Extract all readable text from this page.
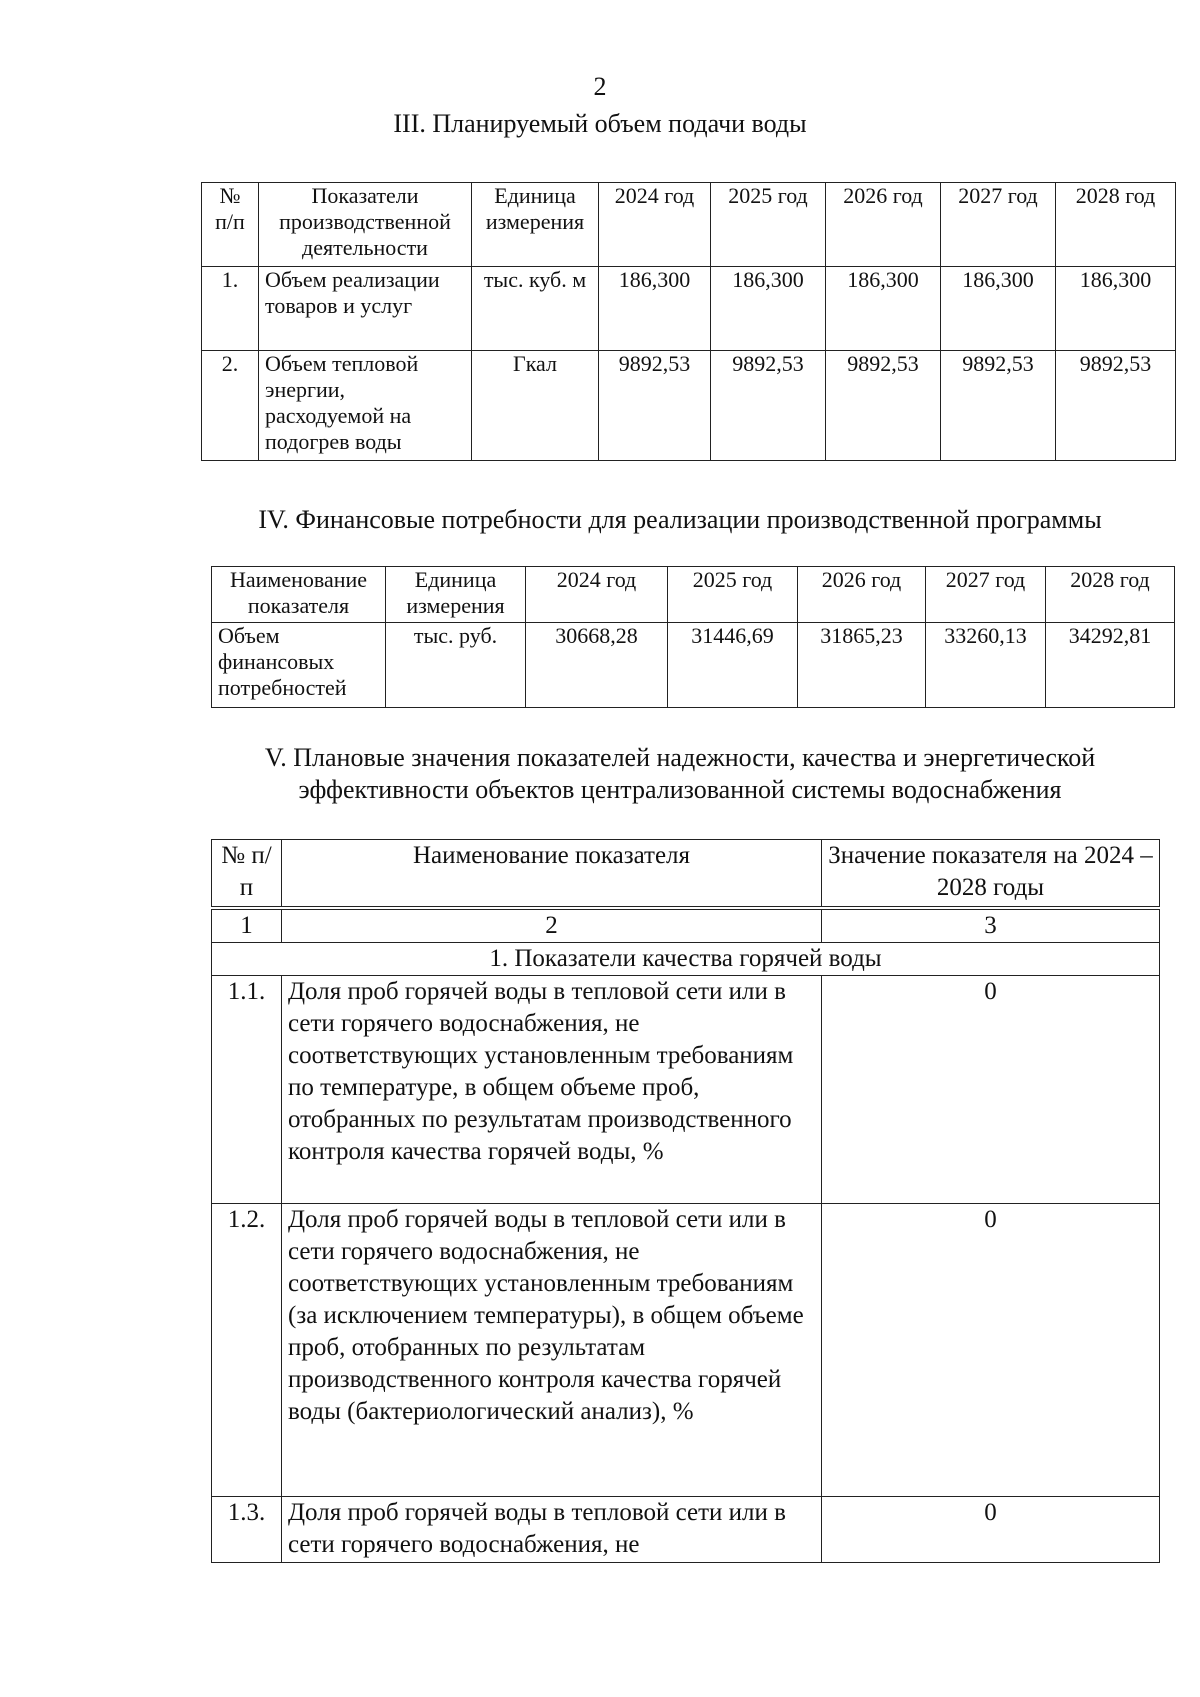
2
III. Планируемый объем подачи воды
№ п/п	Показатели производственной деятельности	Единица измерения	2024 год	2025 год	2026 год	2027 год	2028 год
1.	Объем реализации товаров и услуг	тыс. куб. м	186,300	186,300	186,300	186,300	186,300
2.	Объем тепловой энергии, расходуемой на подогрев воды	Гкал	9892,53	9892,53	9892,53	9892,53	9892,53
IV. Финансовые потребности для реализации производственной программы
Наименование показателя	Единица измерения	2024 год	2025 год	2026 год	2027 год	2028 год
Объем финансовых потребностей	тыс. руб.	30668,28	31446,69	31865,23	33260,13	34292,81
V. Плановые значения показателей надежности, качества и энергетической
эффективности объектов централизованной системы водоснабжения
№ п/п	Наименование показателя	Значение показателя на 2024 – 2028 годы
1	2	3
1. Показатели качества горячей воды		
1.1.	Доля проб горячей воды в тепловой сети или в сети горячего водоснабжения, не соответствующих установленным требованиям по температуре, в общем объеме проб, отобранных по результатам производственного контроля качества горячей воды, %	0
1.2.	Доля проб горячей воды в тепловой сети или в сети горячего водоснабжения, не соответствующих установленным требованиям (за исключением температуры), в общем объеме проб, отобранных по результатам производственного контроля качества горячей воды (бактериологический анализ), %	0
1.3.	Доля проб горячей воды в тепловой сети или в сети горячего водоснабжения, не	0
